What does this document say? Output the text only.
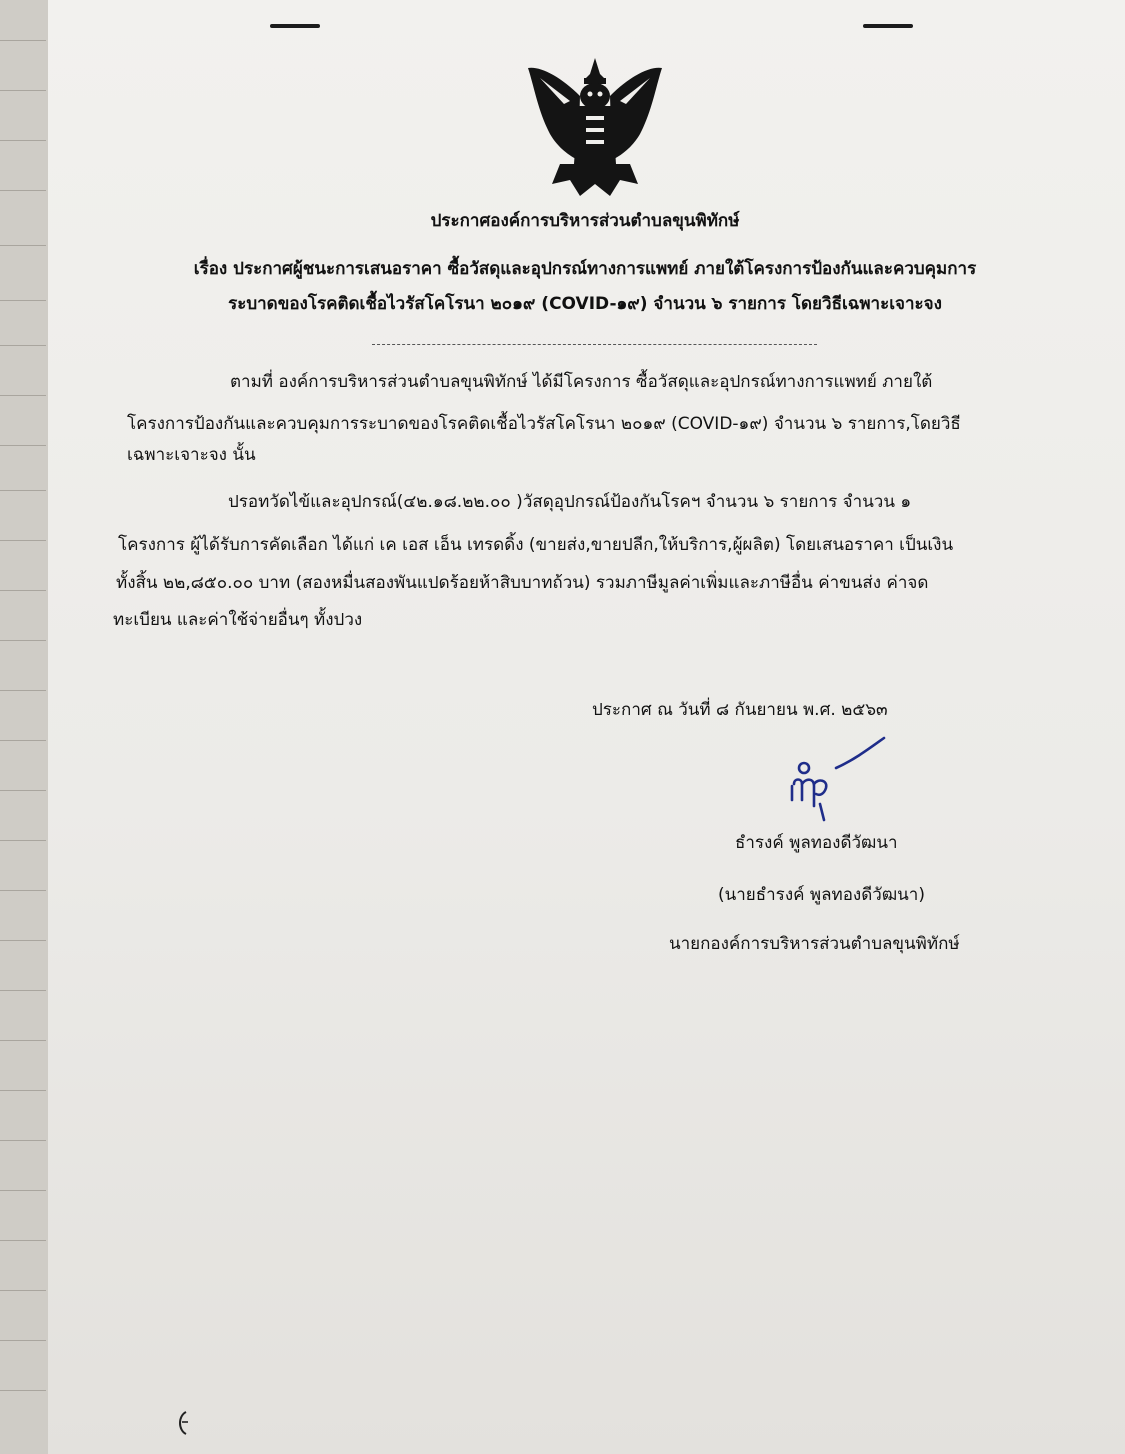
ประกาศองค์การบริหารส่วนตำบลขุนพิทักษ์
เรื่อง ประกาศผู้ชนะการเสนอราคา ซื้อวัสดุและอุปกรณ์ทางการแพทย์ ภายใต้โครงการป้องกันและควบคุมการ
ระบาดของโรคติดเชื้อไวรัสโคโรนา ๒๐๑๙ (COVID-๑๙) จำนวน ๖ รายการ โดยวิธีเฉพาะเจาะจง
ตามที่ องค์การบริหารส่วนตำบลขุนพิทักษ์ ได้มีโครงการ ซื้อวัสดุและอุปกรณ์ทางการแพทย์ ภายใต้
โครงการป้องกันและควบคุมการระบาดของโรคติดเชื้อไวรัสโคโรนา ๒๐๑๙ (COVID-๑๙) จำนวน ๖ รายการ,โดยวิธี
เฉพาะเจาะจง นั้น
ปรอทวัดไข้และอุปกรณ์(๔๒.๑๘.๒๒.๐๐ )วัสดุอุปกรณ์ป้องกันโรคฯ จำนวน ๖ รายการ จำนวน ๑
โครงการ ผู้ได้รับการคัดเลือก ได้แก่ เค เอส เอ็น เทรดดิ้ง (ขายส่ง,ขายปลีก,ให้บริการ,ผู้ผลิต) โดยเสนอราคา เป็นเงิน
ทั้งสิ้น ๒๒,๘๕๐.๐๐ บาท (สองหมื่นสองพันแปดร้อยห้าสิบบาทถ้วน) รวมภาษีมูลค่าเพิ่มและภาษีอื่น ค่าขนส่ง ค่าจด
ทะเบียน และค่าใช้จ่ายอื่นๆ ทั้งปวง
ประกาศ ณ วันที่ ๘ กันยายน พ.ศ. ๒๕๖๓
ธำรงค์ พูลทองดีวัฒนา
(นายธำรงค์ พูลทองดีวัฒนา)
นายกองค์การบริหารส่วนตำบลขุนพิทักษ์
